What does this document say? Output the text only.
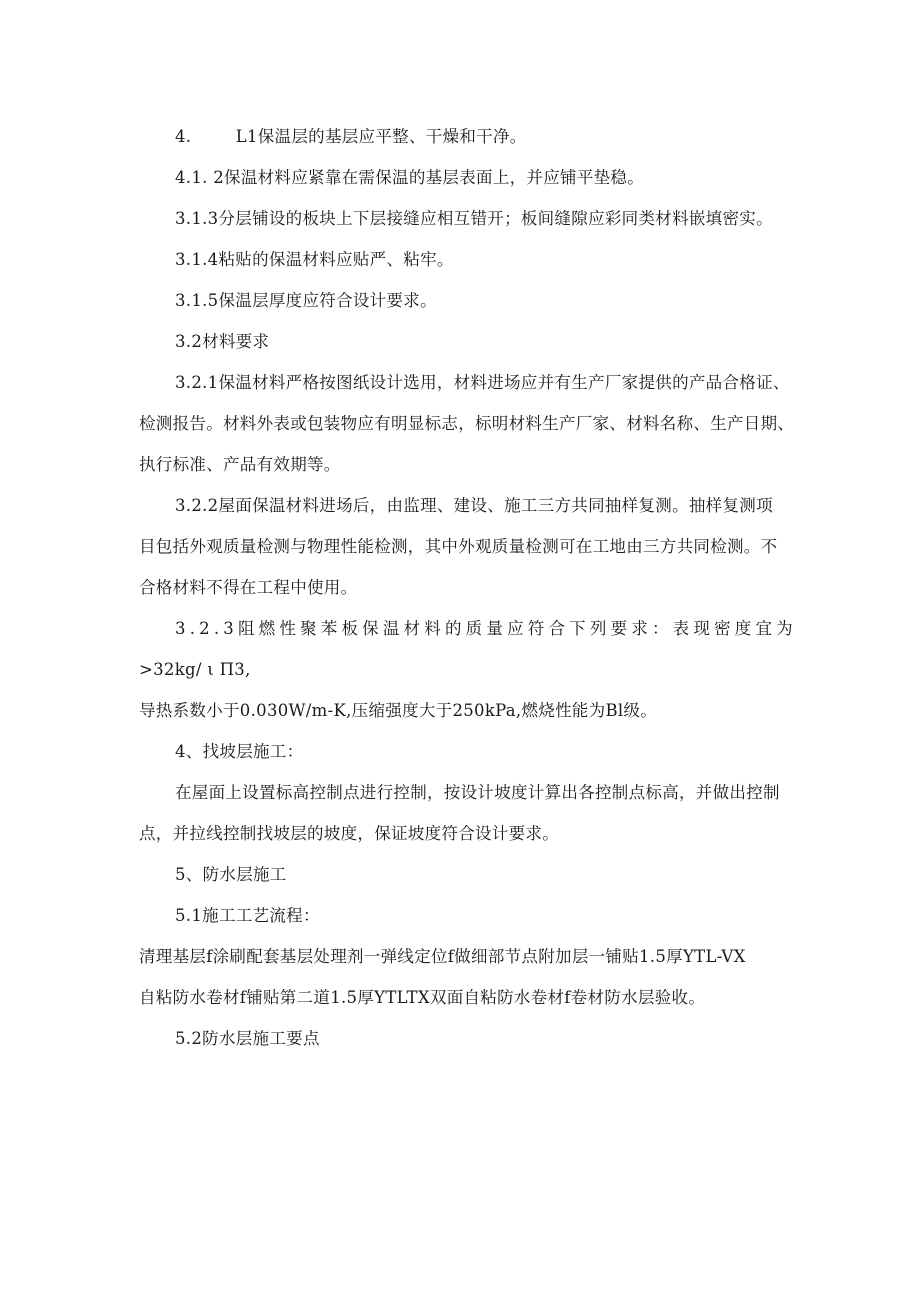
4.        L1保温层的基层应平整、干燥和干净。
4.1. 2保温材料应紧靠在需保温的基层表面上，并应铺平垫稳。
3.1.3分层铺设的板块上下层接缝应相互错开；板间缝隙应彩同类材料嵌填密实。
3.1.4粘贴的保温材料应贴严、粘牢。
3.1.5保温层厚度应符合设计要求。
3.2材料要求
3.2.1保温材料严格按图纸设计选用，材料进场应并有生产厂家提供的产品合格证、
检测报告。材料外表或包装物应有明显标志，标明材料生产厂家、材料名称、生产日期、
执行标准、产品有效期等。
3.2.2屋面保温材料进场后，由监理、建设、施工三方共同抽样复测。抽样复测项
目包括外观质量检测与物理性能检测，其中外观质量检测可在工地由三方共同检测。不
合格材料不得在工程中使用。
3.2.3阻燃性聚苯板保温材料的质量应符合下列要求：表现密度宜为
>32kg/ ι Π3,
导热系数小于0.030W/m-K,压缩强度大于250kPa,燃烧性能为Bl级。
4、找坡层施工：
在屋面上设置标高控制点进行控制，按设计坡度计算出各控制点标高，并做出控制
点，并拉线控制找坡层的坡度，保证坡度符合设计要求。
5、防水层施工
5.1施工工艺流程：
清理基层f涂刷配套基层处理剂一弹线定位f做细部节点附加层一铺贴1.5厚YTL-VX
自粘防水卷材f铺贴第二道1.5厚YTLTX双面自粘防水卷材f卷材防水层验收。
5.2防水层施工要点
